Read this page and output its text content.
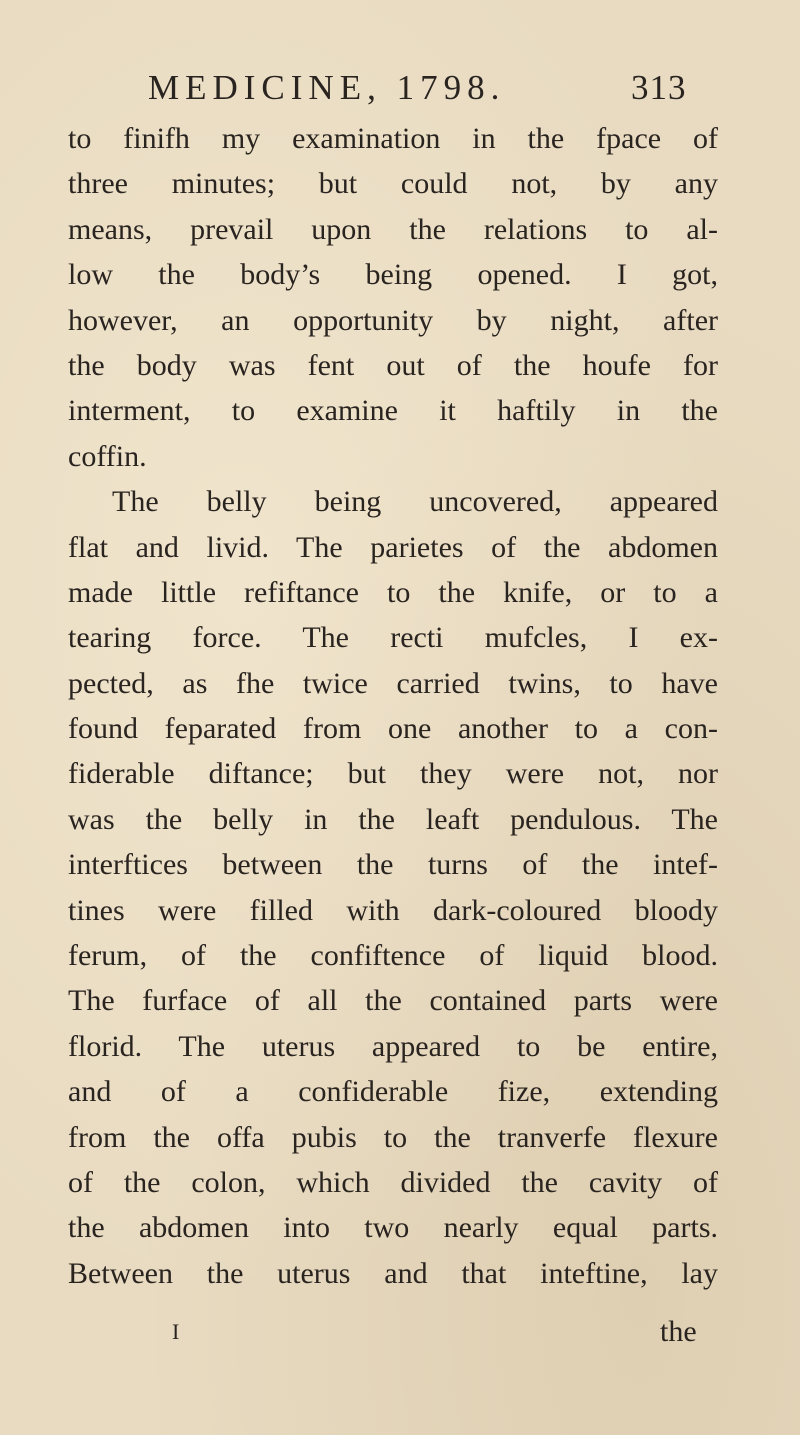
MEDICINE, 1798.	313
to finifh my examination in the fpace of
three minutes; but could not, by any
means, prevail upon the relations to al-
low the body’s being opened. I got,
however, an opportunity by night, after
the body was fent out of the houfe for
interment, to examine it haftily in the
coffin.
The belly being uncovered, appeared
flat and livid. The parietes of the abdomen
made little refiftance to the knife, or to a
tearing force. The recti mufcles, I ex-
pected, as fhe twice carried twins, to have
found feparated from one another to a con-
fiderable diftance; but they were not, nor
was the belly in the leaft pendulous. The
interftices between the turns of the intef-
tines were filled with dark-coloured bloody
ferum, of the confiftence of liquid blood.
The furface of all the contained parts were
florid. The uterus appeared to be entire,
and of a confiderable fize, extending
from the offa pubis to the tranverfe flexure
of the colon, which divided the cavity of
the abdomen into two nearly equal parts.
Between the uterus and that inteftine, lay
I	the
